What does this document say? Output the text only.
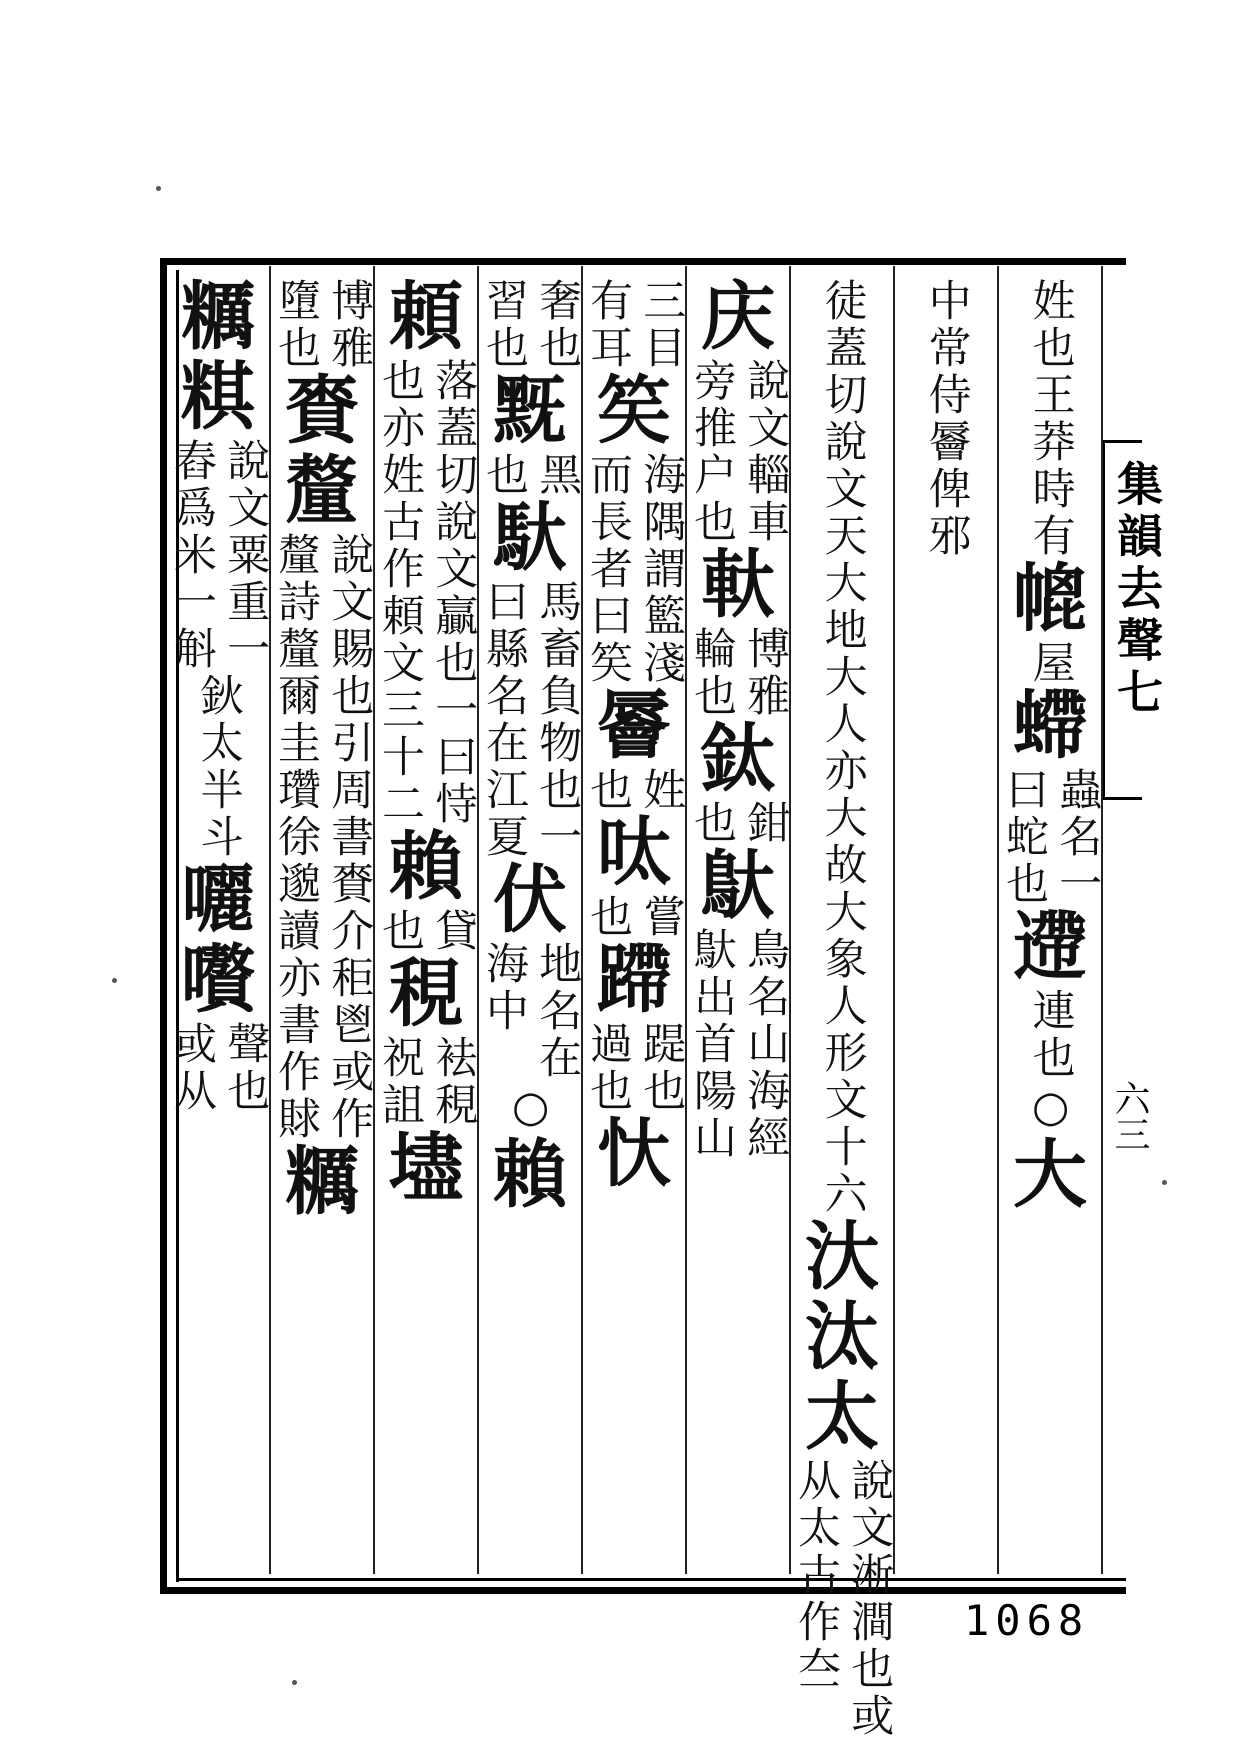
集韻去聲七
六三
姓也王莽時有
㡙
屋
螮
蟲名一
曰蛇也
遰
連也
○
大
中常侍䢈俾
邪
徒蓋切說文天大地大人
亦大故大象人形文十六
汏
汰
太
說文淅澗也或
从太古作夳
庆
說文輜車
旁推户也
軑
博雅
輪也
鈦
鉗
也
䲦
鳥名山海經
䲦出首陽山
三目
有耳
笶
海隅謂籃淺
而長者曰笶
䢈
姓
也
呔
嘗
也
蹛
踶也
過也
忕
奢也
習也
黖
黑
也
馱
馬畜負物也一
曰縣名在江夏
伏
地名在
海中
○
賴
頼
落蓋切說文贏也一曰恃
也亦姓古作頼文三十二
賴
貸
也
䅐
袪䅐
祝詛
壗
博雅
墮也
賚
釐
說文賜也引周書賚介秬鬯或作
釐詩釐爾圭瓚徐邈讀亦書作賕
糲
糲
粸
說文粟重一
舂爲米一斛
鈥
太半斗
囇
嚽
聲也
或从
1068
